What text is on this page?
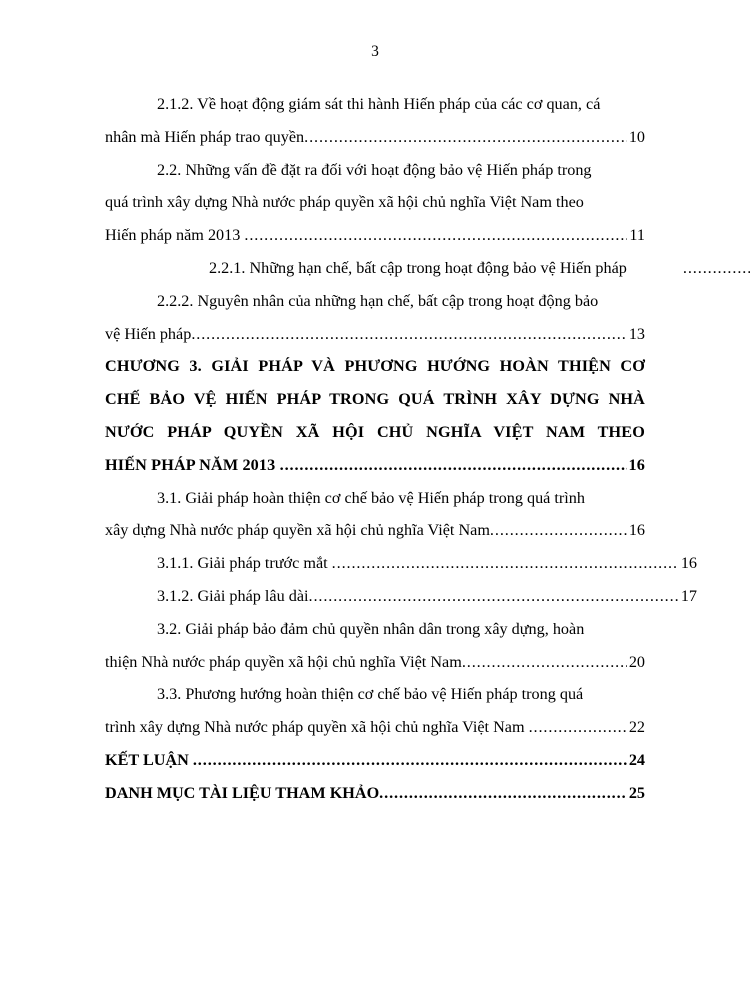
3
2.1.2. Về hoạt động giám sát thi hành Hiến pháp của các cơ quan, cá
nhân mà Hiến pháp trao quyền .....	10
2.2. Những vấn đề đặt ra đối với hoạt động bảo vệ Hiến pháp trong
quá trình xây dựng Nhà nước pháp quyền xã hội chủ nghĩa Việt Nam theo
Hiến pháp năm 2013 .....	11
2.2.1. Những hạn chế, bất cập trong hoạt động bảo vệ Hiến pháp
.....
2.2.2. Nguyên nhân của những hạn chế, bất cập trong hoạt động bảo
vệ Hiến pháp .....	13
CHƯƠNG 3. GIẢI PHÁP VÀ PHƯƠNG HƯỚNG HOÀN THIỆN CƠ
CHẾ BẢO VỆ HIẾN PHÁP TRONG QUÁ TRÌNH XÂY DỰNG NHÀ
NƯỚC PHÁP QUYỀN XÃ HỘI CHỦ NGHĨA VIỆT NAM THEO
HIẾN PHÁP NĂM 2013 .....	16
3.1. Giải pháp hoàn thiện cơ chế bảo vệ Hiến pháp trong quá trình
xây dựng Nhà nước pháp quyền xã hội chủ nghĩa Việt Nam .....	16
3.1.1. Giải pháp trước mắt .....	16
3.1.2. Giải pháp lâu dài .....	17
3.2. Giải pháp bảo đảm chủ quyền nhân dân trong xây dựng, hoàn
thiện Nhà nước pháp quyền xã hội chủ nghĩa Việt Nam .....	20
3.3. Phương hướng hoàn thiện cơ chế bảo vệ Hiến pháp trong quá
trình xây dựng Nhà nước pháp quyền xã hội chủ nghĩa Việt Nam .....	22
KẾT LUẬN .....	24
DANH MỤC TÀI LIỆU THAM KHẢO .....	25
